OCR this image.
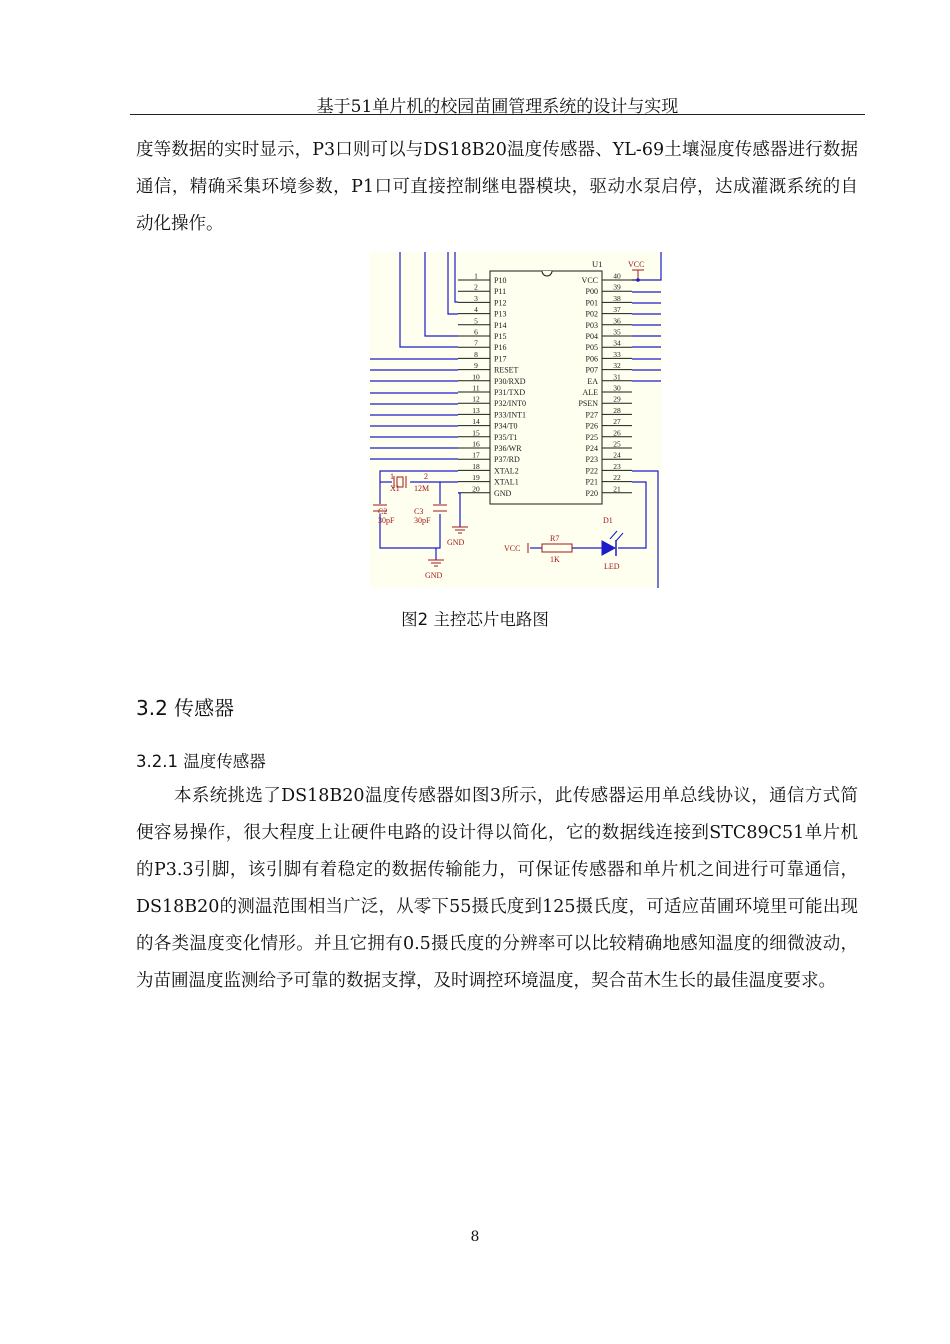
基于51单片机的校园苗圃管理系统的设计与实现

度等数据的实时显示，P3口则可以与DS18B20温度传感器、YL-69土壤湿度传感器进行数据通信，精确采集环境参数，P1口可直接控制继电器模块，驱动水泵启停，达成灌溉系统的自动化操作。

U1
1 P10
2 P11
3 P12
4 P13
5 P14
6 P15
7 P16
8 P17
9 RESET
10 P30/RXD
11 P31/TXD
12 P32/INT0
13 P33/INT1
14 P34/T0
15 P35/T1
16 P36/WR
17 P37/RD
18 XTAL2
19 XTAL1
20 GND
40
VCC
39
P00
38
P01
37
P02
36
P03
35
P04
34
P05
33
P06
32
P07
31
EA
30
ALE
29
PSEN
28
P27
27
P26
26
P25
25
P24
24
P23
23
P22
22
P21
21
P20
VCC
1	2
X1 12M
C2
30pF
C3
30pF
GND
GND
VCC
R7
1K
D1
LED
图2 主控芯片电路图
3.2 传感器
3.2.1 温度传感器

本系统挑选了DS18B20温度传感器如图3所示，此传感器运用单总线协议，通信方式简便容易操作，很大程度上让硬件电路的设计得以简化，它的数据线连接到STC89C51单片机的P3.3引脚，该引脚有着稳定的数据传输能力，可保证传感器和单片机之间进行可靠通信，DS18B20的测温范围相当广泛，从零下55摄氏度到125摄氏度，可适应苗圃环境里可能出现的各类温度变化情形。并且它拥有0.5摄氏度的分辨率可以比较精确地感知温度的细微波动，为苗圃温度监测给予可靠的数据支撑，及时调控环境温度，契合苗木生长的最佳温度要求。

8
